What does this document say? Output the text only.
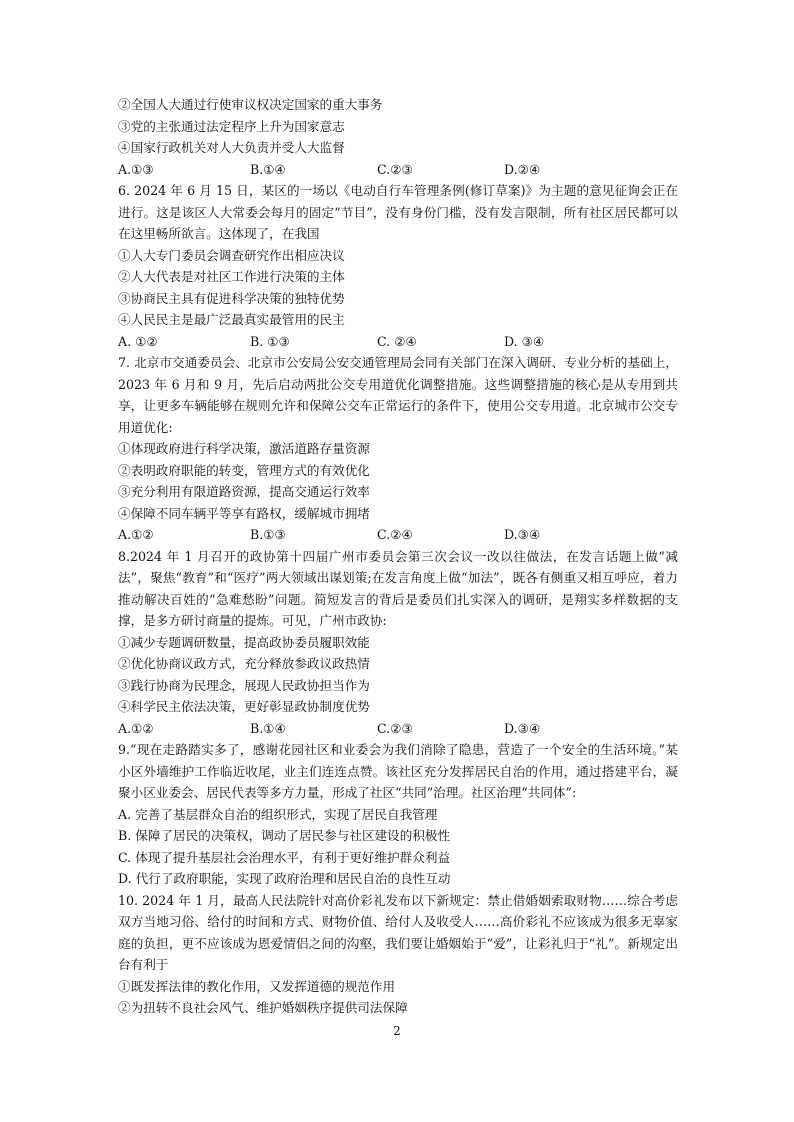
②全国人大通过行使审议权决定国家的重大事务
③党的主张通过法定程序上升为国家意志
④国家行政机关对人大负责并受人大监督
A.①③	B.①④	C.②③	D.②④
6. 2024 年 6 月 15 日，某区的一场以《电动自行车管理条例(修订草案)》为主题的意见征询会正在进行。这是该区人大常委会每月的固定“节目”，没有身份门槛，没有发言限制，所有社区居民都可以在这里畅所欲言。这体现了，在我国
①人大专门委员会调查研究作出相应决议
②人大代表是对社区工作进行决策的主体
③协商民主具有促进科学决策的独特优势
④人民民主是最广泛最真实最管用的民主
A. ①②	B. ①③	C. ②④	D. ③④
7. 北京市交通委员会、北京市公安局公安交通管理局会同有关部门在深入调研、专业分析的基础上，2023 年 6 月和 9 月，先后启动两批公交专用道优化调整措施。这些调整措施的核心是从专用到共享，让更多车辆能够在规则允许和保障公交车正常运行的条件下，使用公交专用道。北京城市公交专用道优化:
①体现政府进行科学决策，激活道路存量资源
②表明政府职能的转变，管理方式的有效优化
③充分利用有限道路资源，提高交通运行效率
④保障不同车辆平等享有路权，缓解城市拥堵
A.①②	B.①③	C.②④	D.③④
8.2024 年 1 月召开的政协第十四届广州市委员会第三次会议一改以往做法，在发言话题上做“减法”，聚焦“教育”和“医疗”两大领域出谋划策;在发言角度上做“加法”，既各有侧重又相互呼应，着力推动解决百姓的“急难愁盼”问题。简短发言的背后是委员们扎实深入的调研，是翔实多样数据的支撑，是多方研讨商量的提炼。可见，广州市政协:
①减少专题调研数量，提高政协委员履职效能
②优化协商议政方式，充分释放参政议政热情
③践行协商为民理念，展现人民政协担当作为
④科学民主依法决策，更好彰显政协制度优势
A.①②	B.①④	C.②③	D.③④
9.“现在走路踏实多了，感谢花园社区和业委会为我们消除了隐患，营造了一个安全的生活环境。”某小区外墙维护工作临近收尾，业主们连连点赞。该社区充分发挥居民自治的作用，通过搭建平台，凝聚小区业委会、居民代表等多方力量，形成了社区“共同”治理。社区治理“共同体”:
A. 完善了基层群众自治的组织形式，实现了居民自我管理
B. 保障了居民的决策权，调动了居民参与社区建设的积极性
C. 体现了提升基层社会治理水平，有利于更好维护群众利益
D. 代行了政府职能，实现了政府治理和居民自治的良性互动
10. 2024 年 1 月，最高人民法院针对高价彩礼发布以下新规定：禁止借婚姻索取财物……综合考虑双方当地习俗、给付的时间和方式、财物价值、给付人及收受人……高价彩礼不应该成为很多无辜家庭的负担，更不应该成为恩爱情侣之间的沟壑，我们要让婚姻始于“爱”，让彩礼归于“礼”。新规定出台有利于
①既发挥法律的教化作用，又发挥道德的规范作用
②为扭转不良社会风气、维护婚姻秩序提供司法保障
2
